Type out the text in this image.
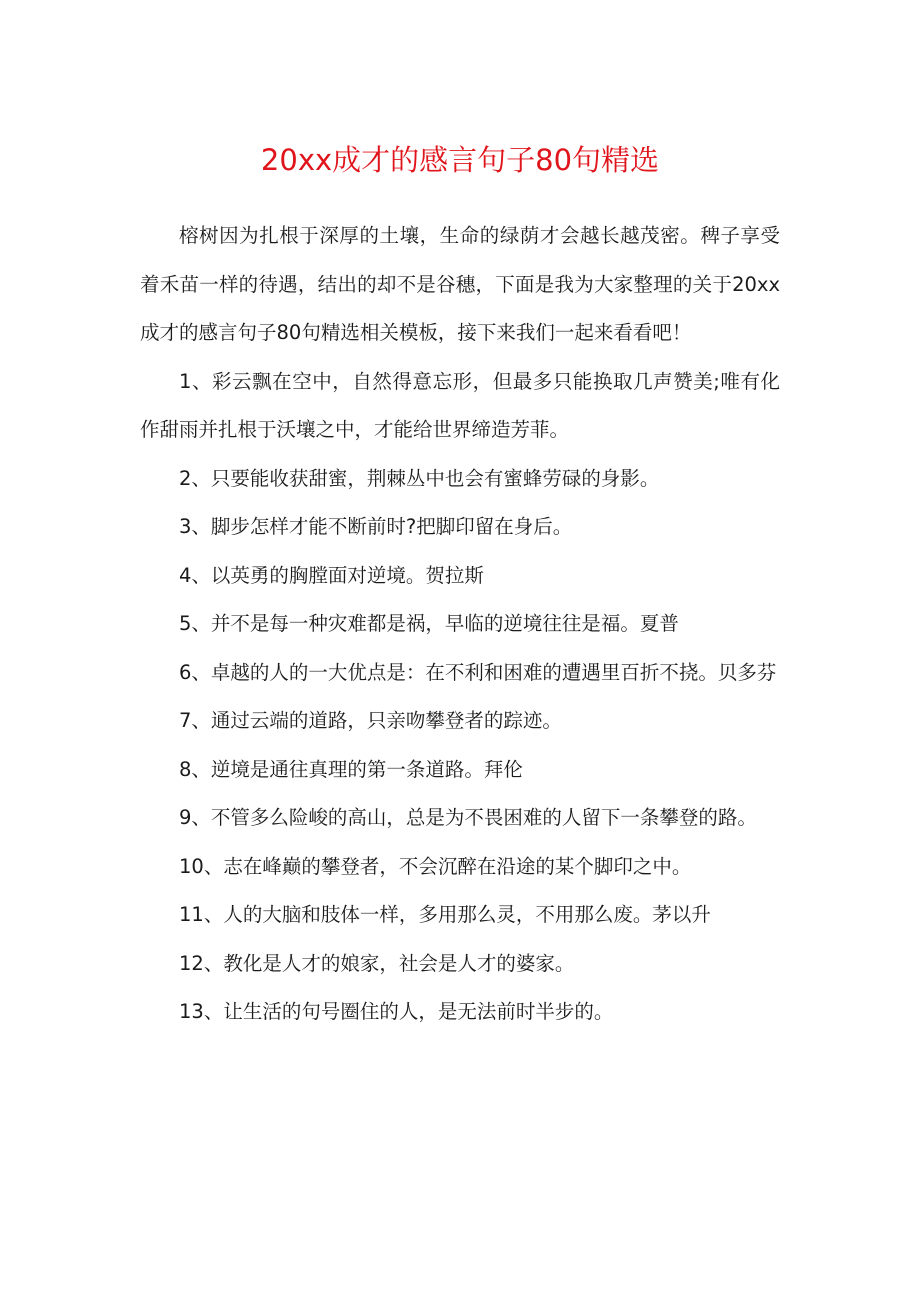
20xx成才的感言句子80句精选

榕树因为扎根于深厚的土壤，生命的绿荫才会越长越茂密。稗子享受着禾苗一样的待遇，结出的却不是谷穗，下面是我为大家整理的关于20xx成才的感言句子80句精选相关模板，接下来我们一起来看看吧！

1、彩云飘在空中，自然得意忘形，但最多只能换取几声赞美;唯有化作甜雨并扎根于沃壤之中，才能给世界缔造芳菲。

2、只要能收获甜蜜，荆棘丛中也会有蜜蜂劳碌的身影。

3、脚步怎样才能不断前时?把脚印留在身后。

4、以英勇的胸膛面对逆境。贺拉斯

5、并不是每一种灾难都是祸，早临的逆境往往是福。夏普

6、卓越的人的一大优点是：在不利和困难的遭遇里百折不挠。贝多芬

7、通过云端的道路，只亲吻攀登者的踪迹。

8、逆境是通往真理的第一条道路。拜伦

9、不管多么险峻的高山，总是为不畏困难的人留下一条攀登的路。

10、志在峰巅的攀登者，不会沉醉在沿途的某个脚印之中。

11、人的大脑和肢体一样，多用那么灵，不用那么废。茅以升

12、教化是人才的娘家，社会是人才的婆家。

13、让生活的句号圈住的人，是无法前时半步的。
